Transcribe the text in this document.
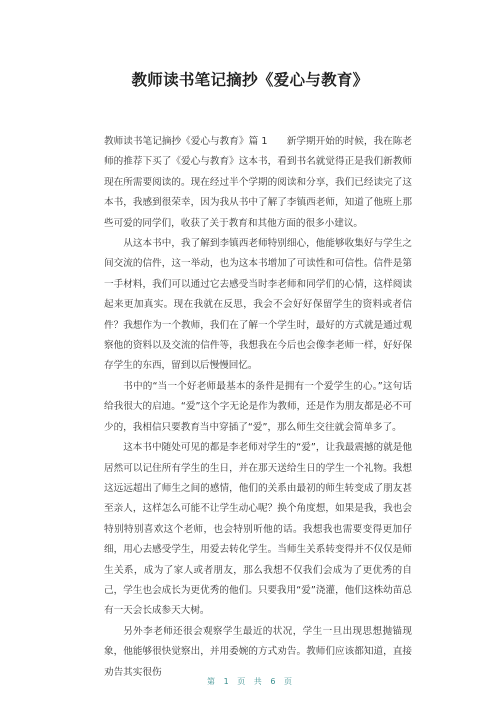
教师读书笔记摘抄《爱心与教育》

教师读书笔记摘抄《爱心与教育》篇 1　　新学期开始的时候，我在陈老师的推荐下买了《爱心与教育》这本书，看到书名就觉得正是我们新教师现在所需要阅读的。现在经过半个学期的阅读和分享，我们已经读完了这本书，我感到很荣幸，因为我从书中了解了李镇西老师，知道了他班上那些可爱的同学们，收获了关于教育和其他方面的很多小建议。

从这本书中，我了解到李镇西老师特别细心，他能够收集好与学生之间交流的信件，这一举动，也为这本书增加了可读性和可信性。信件是第一手材料，我们可以通过它去感受当时李老师和同学们的心情，这样阅读起来更加真实。现在我就在反思，我会不会好好保留学生的资料或者信件？我想作为一个教师，我们在了解一个学生时，最好的方式就是通过观察他的资料以及交流的信件等，我想我在今后也会像李老师一样，好好保存学生的东西，留到以后慢慢回忆。

书中的“当一个好老师最基本的条件是拥有一个爱学生的心。”这句话给我很大的启迪。“爱”这个字无论是作为教师，还是作为朋友都是必不可少的，我相信只要教育当中穿插了“爱”，那么师生交往就会简单多了。

这本书中随处可见的都是李老师对学生的“爱”，让我最震撼的就是他居然可以记住所有学生的生日，并在那天送给生日的学生一个礼物。我想这远远超出了师生之间的感情，他们的关系由最初的师生转变成了朋友甚至亲人，这样怎么可能不让学生动心呢？换个角度想，如果是我，我也会特别特别喜欢这个老师，也会特别听他的话。我想我也需要变得更加仔细，用心去感受学生，用爱去转化学生。当师生关系转变得并不仅仅是师生关系，成为了家人或者朋友，那么我想不仅我们会成为了更优秀的自己，学生也会成长为更优秀的他们。只要我用“爱”浇灌，他们这株幼苗总有一天会长成参天大树。

另外李老师还很会观察学生最近的状况，学生一旦出现思想抛锚现象，他能够很快觉察出，并用委婉的方式劝告。教师们应该都知道，直接劝告其实很伤

第 1 页 共 6 页
